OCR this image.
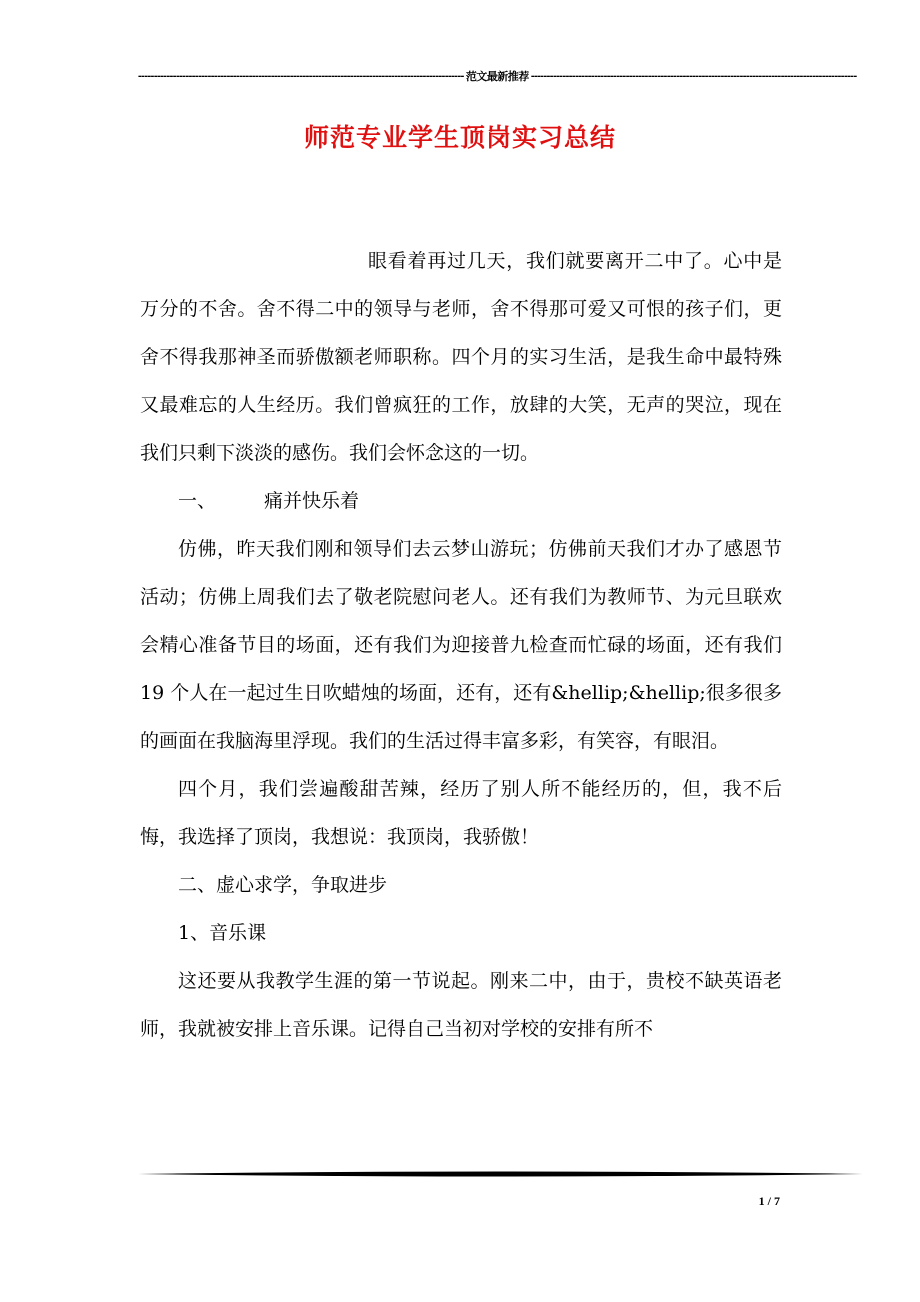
------------------------------------------------------------------------------------------------------- 范文最新推荐 -------------------------------------------------------------------------------------------------------
师范专业学生顶岗实习总结

眼看着再过几天，我们就要离开二中了。心中是万分的不舍。舍不得二中的领导与老师，舍不得那可爱又可恨的孩子们，更舍不得我那神圣而骄傲额老师职称。四个月的实习生活，是我生命中最特殊又最难忘的人生经历。我们曾疯狂的工作，放肆的大笑，无声的哭泣，现在我们只剩下淡淡的感伤。我们会怀念这的一切。

一、	痛并快乐着

仿佛，昨天我们刚和领导们去云梦山游玩；仿佛前天我们才办了感恩节活动；仿佛上周我们去了敬老院慰问老人。还有我们为教师节、为元旦联欢会精心准备节目的场面，还有我们为迎接普九检查而忙碌的场面，还有我们 19 个人在一起过生日吹蜡烛的场面，还有，还有&hellip;&hellip;很多很多的画面在我脑海里浮现。我们的生活过得丰富多彩，有笑容，有眼泪。

四个月，我们尝遍酸甜苦辣，经历了别人所不能经历的，但，我不后悔，我选择了顶岗，我想说：我顶岗，我骄傲！

二、虚心求学，争取进步

1、音乐课

这还要从我教学生涯的第一节说起。刚来二中，由于，贵校不缺英语老师，我就被安排上音乐课。记得自己当初对学校的安排有所不

1 / 7
